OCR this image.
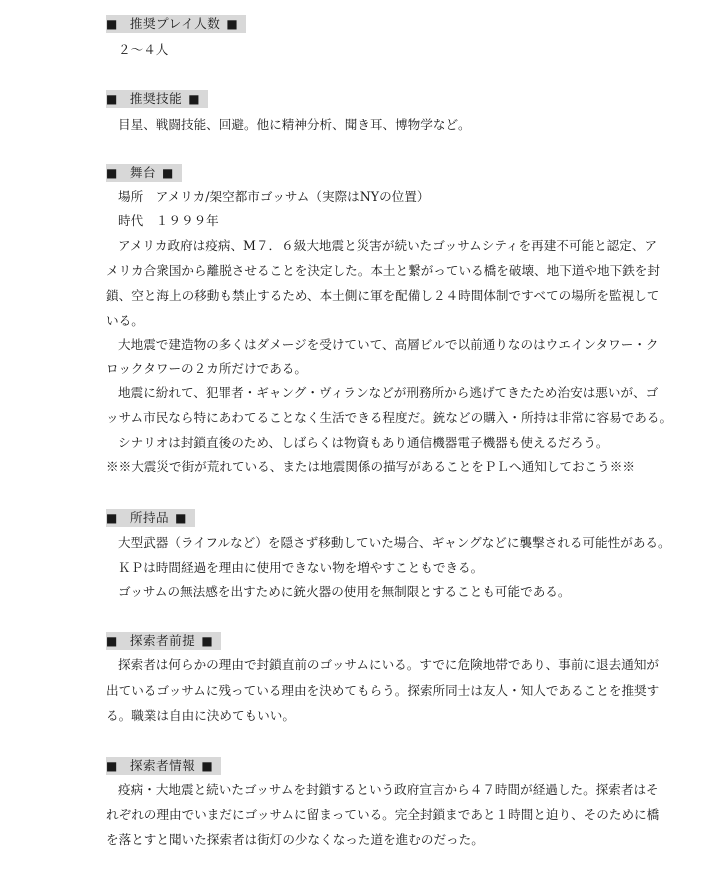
■ 推奨プレイ人数 ■
２〜４人
■ 推奨技能 ■
目星、戦闘技能、回避。他に精神分析、聞き耳、博物学など。
■ 舞台 ■
場所　アメリカ/架空都市ゴッサム（実際はNYの位置）
時代　１９９９年
アメリカ政府は疫病、M７．６級大地震と災害が続いたゴッサムシティを再建不可能と認定、ア
メリカ合衆国から離脱させることを決定した。本土と繋がっている橋を破壊、地下道や地下鉄を封
鎖、空と海上の移動も禁止するため、本土側に軍を配備し２４時間体制ですべての場所を監視して
いる。
大地震で建造物の多くはダメージを受けていて、高層ビルで以前通りなのはウエインタワー・ク
ロックタワーの２カ所だけである。
地震に紛れて、犯罪者・ギャング・ヴィランなどが刑務所から逃げてきたため治安は悪いが、ゴ
ッサム市民なら特にあわてることなく生活できる程度だ。銃などの購入・所持は非常に容易である。
シナリオは封鎖直後のため、しばらくは物資もあり通信機器電子機器も使えるだろう。
※※大震災で街が荒れている、または地震関係の描写があることをＰＬへ通知しておこう※※
■ 所持品 ■
大型武器（ライフルなど）を隠さず移動していた場合、ギャングなどに襲撃される可能性がある。
ＫＰは時間経過を理由に使用できない物を増やすこともできる。
ゴッサムの無法感を出すために銃火器の使用を無制限とすることも可能である。
■ 探索者前提 ■
探索者は何らかの理由で封鎖直前のゴッサムにいる。すでに危険地帯であり、事前に退去通知が
出ているゴッサムに残っている理由を決めてもらう。探索所同士は友人・知人であることを推奨す
る。職業は自由に決めてもいい。
■ 探索者情報 ■
疫病・大地震と続いたゴッサムを封鎖するという政府宣言から４７時間が経過した。探索者はそ
れぞれの理由でいまだにゴッサムに留まっている。完全封鎖まであと１時間と迫り、そのために橋
を落とすと聞いた探索者は街灯の少なくなった道を進むのだった。
